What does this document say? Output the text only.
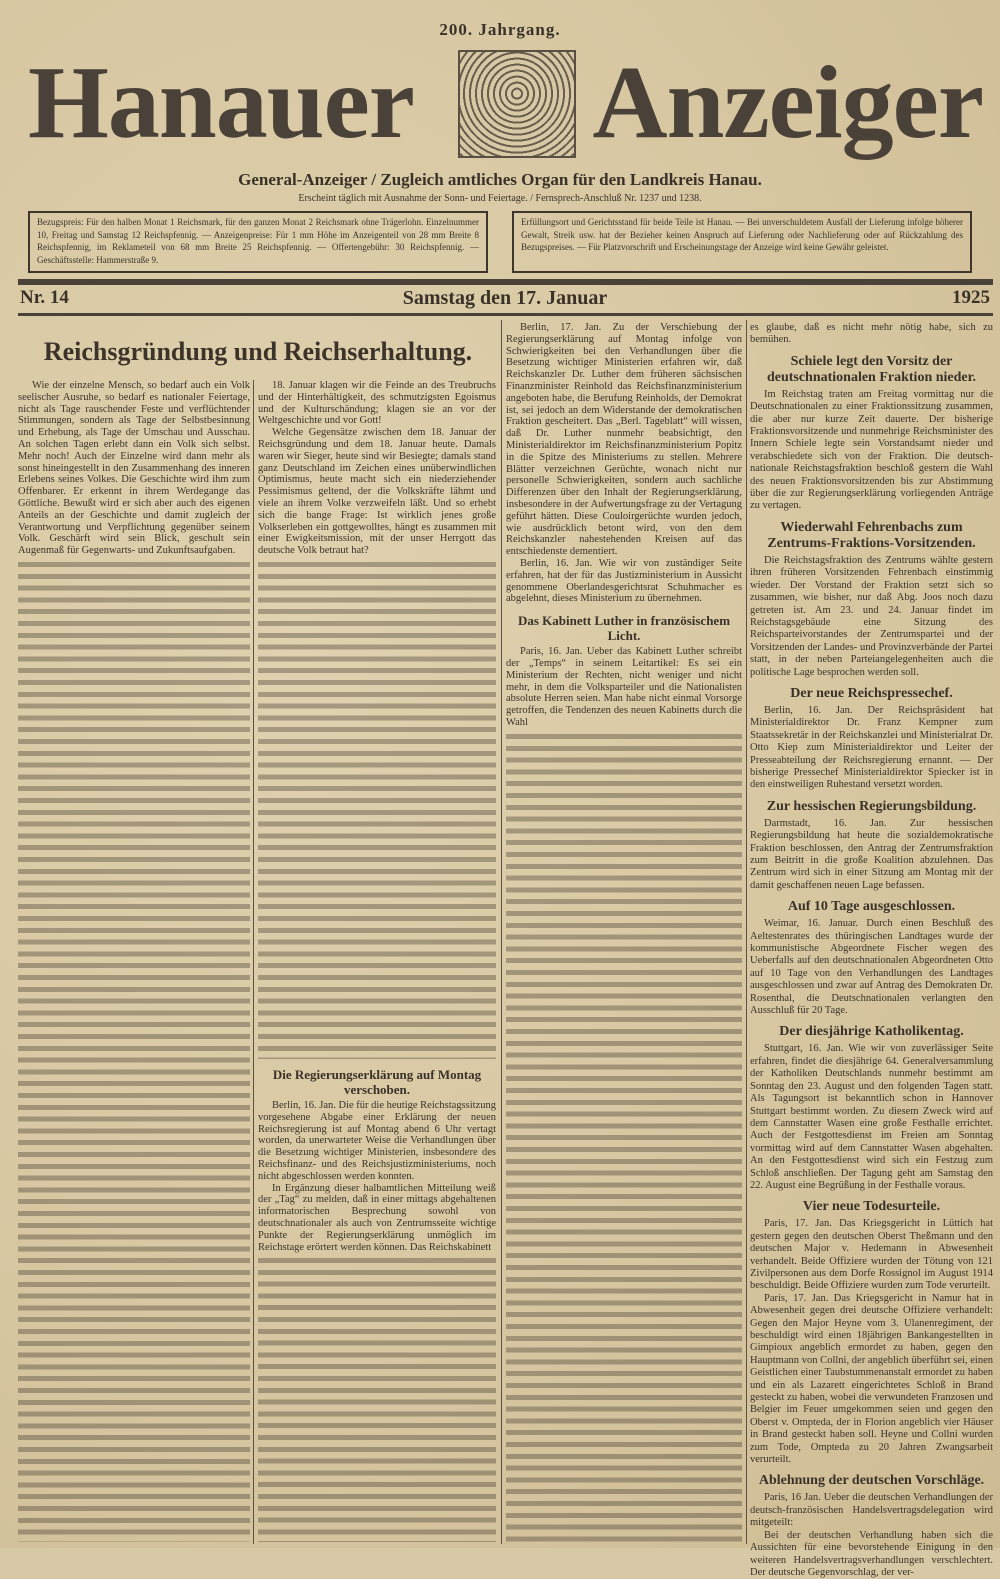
200. Jahrgang.
Hanauer Anzeiger
General-Anzeiger / Zugleich amtliches Organ für den Landkreis Hanau.
Erscheint täglich mit Ausnahme der Sonn- und Feiertage. / Fernsprech-Anschluß Nr. 1237 und 1238.
Bezugspreis: Für den halben Monat 1 Reichsmark, für den ganzen Monat 2 Reichsmark ohne Trägerlohn. Einzelnummer 10, Freitag und Samstag 12 Reichspfennig. — Anzeigenpreise: Für 1 mm Höhe im Anzeigenteil von 28 mm Breite 8 Reichspfennig, im Reklameteil von 68 mm Breite 25 Reichspfennig. — Offertengebühr: 30 Reichspfennig. — Geschäftsstelle: Hammerstraße 9.
Erfüllungsort und Gerichtsstand für beide Teile ist Hanau. — Bei unverschuldetem Ausfall der Lieferung infolge höherer Gewalt, Streik usw. hat der Bezieher keinen Anspruch auf Lieferung oder Nachlieferung oder auf Rückzahlung des Bezugspreises. — Für Platzvorschrift und Erscheinungstage der Anzeige wird keine Gewähr geleistet.
Nr. 14	Samstag den 17. Januar	1925
Reichsgründung und Reichserhaltung.

Wie der einzelne Mensch, so bedarf auch ein Volk seelischer Ausruhe, so bedarf es nationaler Feiertage, nicht als Tage rauschender Feste und verflüchtender Stimmungen, sondern als Tage der Selbstbesinnung und Erhebung, als Tage der Umschau und Ausschau. An solchen Tagen erlebt dann ein Volk sich selbst. Mehr noch! Auch der Einzelne wird dann mehr als sonst hineingestellt in den Zusammenhang des inneren Erlebens seines Volkes. Die Geschichte wird ihm zum Offenbarer. Er erkennt in ihrem Werdegange das Göttliche. Bewußt wird er sich aber auch des eigenen Anteils an der Geschichte und damit zugleich der Verantwortung und Verpflichtung gegenüber seinem Volk. Geschärft wird sein Blick, geschult sein Augenmaß für Gegenwarts- und Zukunftsaufgaben.

18. Januar klagen wir die Feinde an des Treubruchs und der Hinterhältigkeit, des schmutzigsten Egoismus und der Kulturschändung; klagen sie an vor der Weltgeschichte und vor Gott!

Welche Gegensätze zwischen dem 18. Januar der Reichsgründung und dem 18. Januar heute. Damals waren wir Sieger, heute sind wir Besiegte; damals stand ganz Deutschland im Zeichen eines unüberwindlichen Optimismus, heute macht sich ein niederziehender Pessimismus geltend, der die Volkskräfte lähmt und viele an ihrem Volke verzweifeln läßt. Und so erhebt sich die bange Frage: Ist wirklich jenes große Volkserleben ein gottgewolltes, hängt es zusammen mit einer Ewigkeitsmission, mit der unser Herrgott das deutsche Volk betraut hat?

Die Regierungserklärung auf Montag verschoben.

Berlin, 16. Jan. Die für die heutige Reichstagssitzung vorgesehene Abgabe einer Erklärung der neuen Reichsregierung ist auf Montag abend 6 Uhr vertagt worden, da unerwarteter Weise die Verhandlungen über die Besetzung wichtiger Ministerien, insbesondere des Reichsfinanz- und des Reichsjustizministeriums, noch nicht abgeschlossen werden konnten.

In Ergänzung dieser halbamtlichen Mitteilung weiß der „Tag“ zu melden, daß in einer mittags abgehaltenen informatorischen Besprechung sowohl von deutschnationaler als auch von Zentrumsseite wichtige Punkte der Regierungserklärung unmöglich im Reichstage erörtert werden können. Das Reichskabinett

Berlin, 17. Jan. Zu der Verschiebung der Regierungserklärung auf Montag infolge von Schwierigkeiten bei den Verhandlungen über die Besetzung wichtiger Ministerien erfahren wir, daß Reichskanzler Dr. Luther dem früheren sächsischen Finanzminister Reinhold das Reichsfinanzministerium angeboten habe, die Berufung Reinholds, der Demokrat ist, sei jedoch an dem Widerstande der demokratischen Fraktion gescheitert. Das „Berl. Tageblatt“ will wissen, daß Dr. Luther nunmehr beabsichtigt, den Ministerialdirektor im Reichsfinanzministerium Popitz in die Spitze des Ministeriums zu stellen. Mehrere Blätter verzeichnen Gerüchte, wonach nicht nur personelle Schwierigkeiten, sondern auch sachliche Differenzen über den Inhalt der Regierungserklärung, insbesondere in der Aufwertungsfrage zu der Vertagung geführt hätten. Diese Couloirgerüchte wurden jedoch, wie ausdrücklich betont wird, von den dem Reichskanzler nahestehenden Kreisen auf das entschiedenste dementiert.

Berlin, 16. Jan. Wie wir von zuständiger Seite erfahren, hat der für das Justizministerium in Aussicht genommene Oberlandesgerichtsrat Schuhmacher es abgelehnt, dieses Ministerium zu übernehmen.

Das Kabinett Luther in französischem Licht.

Paris, 16. Jan. Ueber das Kabinett Luther schreibt der „Temps“ in seinem Leitartikel: Es sei ein Ministerium der Rechten, nicht weniger und nicht mehr, in dem die Volksparteiler und die Nationalisten absolute Herren seien. Man habe nicht einmal Vorsorge getroffen, die Tendenzen des neuen Kabinetts durch die Wahl

es glaube, daß es nicht mehr nötig habe, sich zu bemühen.

Schiele legt den Vorsitz der deutschnationalen Fraktion nieder.

Im Reichstag traten am Freitag vormittag nur die Deutschnationalen zu einer Fraktionssitzung zusammen, die aber nur kurze Zeit dauerte. Der bisherige Fraktionsvorsitzende und nunmehrige Reichsminister des Innern Schiele legte sein Vorstandsamt nieder und verabschiedete sich von der Fraktion. Die deutsch-nationale Reichstagsfraktion beschloß gestern die Wahl des neuen Fraktionsvorsitzenden bis zur Abstimmung über die zur Regierungserklärung vorliegenden Anträge zu vertagen.

Wiederwahl Fehrenbachs zum Zentrums-Fraktions-Vorsitzenden.

Die Reichstagsfraktion des Zentrums wählte gestern ihren früheren Vorsitzenden Fehrenbach einstimmig wieder. Der Vorstand der Fraktion setzt sich so zusammen, wie bisher, nur daß Abg. Joos noch dazu getreten ist. Am 23. und 24. Januar findet im Reichstagsgebäude eine Sitzung des Reichsparteivorstandes der Zentrumspartei und der Vorsitzenden der Landes- und Provinzverbände der Partei statt, in der neben Parteiangelegenheiten auch die politische Lage besprochen werden soll.

Der neue Reichspressechef.

Berlin, 16. Jan. Der Reichspräsident hat Ministerialdirektor Dr. Franz Kempner zum Staatssekretär in der Reichskanzlei und Ministerialrat Dr. Otto Kiep zum Ministerialdirektor und Leiter der Presseabteilung der Reichsregierung ernannt. — Der bisherige Pressechef Ministerialdirektor Spiecker ist in den einstweiligen Ruhestand versetzt worden.

Zur hessischen Regierungsbildung.

Darmstadt, 16. Jan. Zur hessischen Regierungsbildung hat heute die sozialdemokratische Fraktion beschlossen, den Antrag der Zentrumsfraktion zum Beitritt in die große Koalition abzulehnen. Das Zentrum wird sich in einer Sitzung am Montag mit der damit geschaffenen neuen Lage befassen.

Auf 10 Tage ausgeschlossen.

Weimar, 16. Januar. Durch einen Beschluß des Aeltestenrates des thüringischen Landtages wurde der kommunistische Abgeordnete Fischer wegen des Ueberfalls auf den deutschnationalen Abgeordneten Otto auf 10 Tage von den Verhandlungen des Landtages ausgeschlossen und zwar auf Antrag des Demokraten Dr. Rosenthal, die Deutschnationalen verlangten den Ausschluß für 20 Tage.

Der diesjährige Katholikentag.

Stuttgart, 16. Jan. Wie wir von zuverlässiger Seite erfahren, findet die diesjährige 64. Generalversammlung der Katholiken Deutschlands nunmehr bestimmt am Sonntag den 23. August und den folgenden Tagen statt. Als Tagungsort ist bekanntlich schon in Hannover Stuttgart bestimmt worden. Zu diesem Zweck wird auf dem Cannstatter Wasen eine große Festhalle errichtet. Auch der Festgottesdienst im Freien am Sonntag vormittag wird auf dem Cannstatter Wasen abgehalten. An den Festgottesdienst wird sich ein Festzug zum Schloß anschließen. Der Tagung geht am Samstag den 22. August eine Begrüßung in der Festhalle voraus.

Vier neue Todesurteile.

Paris, 17. Jan. Das Kriegsgericht in Lüttich hat gestern gegen den deutschen Oberst Theßmann und den deutschen Major v. Hedemann in Abwesenheit verhandelt. Beide Offiziere wurden der Tötung von 121 Zivilpersonen aus dem Dorfe Rossignol im August 1914 beschuldigt. Beide Offiziere wurden zum Tode verurteilt.

Paris, 17. Jan. Das Kriegsgericht in Namur hat in Abwesenheit gegen drei deutsche Offiziere verhandelt: Gegen den Major Heyne vom 3. Ulanenregiment, der beschuldigt wird einen 18jährigen Bankangestellten in Gimpioux angeblich ermordet zu haben, gegen den Hauptmann von Collni, der angeblich überführt sei, einen Geistlichen einer Taubstummenanstalt ermordet zu haben und ein als Lazarett eingerichtetes Schloß in Brand gesteckt zu haben, wobei die verwundeten Franzosen und Belgier im Feuer umgekommen seien und gegen den Oberst v. Omptedа, der in Florion angeblich vier Häuser in Brand gesteckt haben soll. Heyne und Collni wurden zum Tode, Omptedа zu 20 Jahren Zwangsarbeit verurteilt.

Ablehnung der deutschen Vorschläge.

Paris, 16 Jan. Ueber die deutschen Verhandlungen der deutsch-französischen Handelsvertragsdelegation wird mitgeteilt:

Bei der deutschen Verhandlung haben sich die Aussichten für eine bevorstehende Einigung in den weiteren Handelsvertragsverhandlungen verschlechtert. Der deutsche Gegenvorschlag, der ver-
